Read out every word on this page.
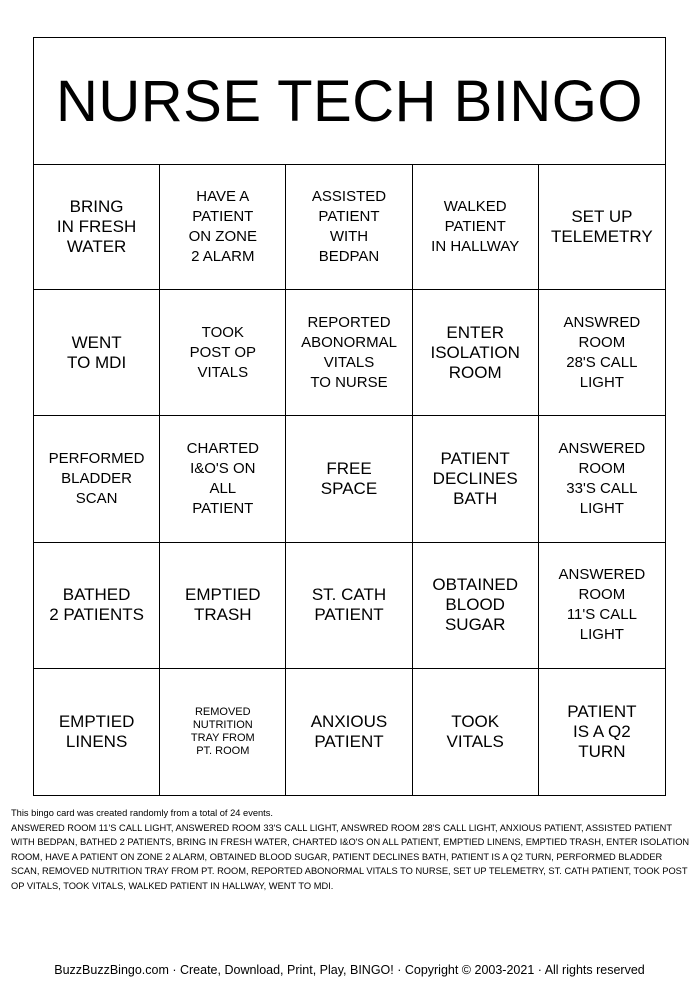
NURSE TECH BINGO
BRING
IN FRESH
WATER
HAVE A
PATIENT
ON ZONE
2 ALARM
ASSISTED
PATIENT
WITH
BEDPAN
WALKED
PATIENT
IN HALLWAY
SET UP
TELEMETRY
WENT
TO MDI
TOOK
POST OP
VITALS
REPORTED
ABONORMAL
VITALS
TO NURSE
ENTER
ISOLATION
ROOM
ANSWRED
ROOM
28'S CALL
LIGHT
PERFORMED
BLADDER
SCAN
CHARTED
I&O'S ON
ALL
PATIENT
FREE
SPACE
PATIENT
DECLINES
BATH
ANSWERED
ROOM
33'S CALL
LIGHT
BATHED
2 PATIENTS
EMPTIED
TRASH
ST. CATH
PATIENT
OBTAINED
BLOOD
SUGAR
ANSWERED
ROOM
11'S CALL
LIGHT
EMPTIED
LINENS
REMOVED
NUTRITION
TRAY FROM
PT. ROOM
ANXIOUS
PATIENT
TOOK
VITALS
PATIENT
IS A Q2
TURN

This bingo card was created randomly from a total of 24 events.

ANSWERED ROOM 11'S CALL LIGHT, ANSWERED ROOM 33'S CALL LIGHT, ANSWRED ROOM 28'S CALL LIGHT, ANXIOUS PATIENT, ASSISTED PATIENT WITH BEDPAN, BATHED 2 PATIENTS, BRING IN FRESH WATER, CHARTED I&O'S ON ALL PATIENT, EMPTIED LINENS, EMPTIED TRASH, ENTER ISOLATION ROOM, HAVE A PATIENT ON ZONE 2 ALARM, OBTAINED BLOOD SUGAR, PATIENT DECLINES BATH, PATIENT IS A Q2 TURN, PERFORMED BLADDER SCAN, REMOVED NUTRITION TRAY FROM PT. ROOM, REPORTED ABONORMAL VITALS TO NURSE, SET UP TELEMETRY, ST. CATH PATIENT, TOOK POST OP VITALS, TOOK VITALS, WALKED PATIENT IN HALLWAY, WENT TO MDI.

BuzzBuzzBingo.com · Create, Download, Print, Play, BINGO! · Copyright © 2003-2021 · All rights reserved
